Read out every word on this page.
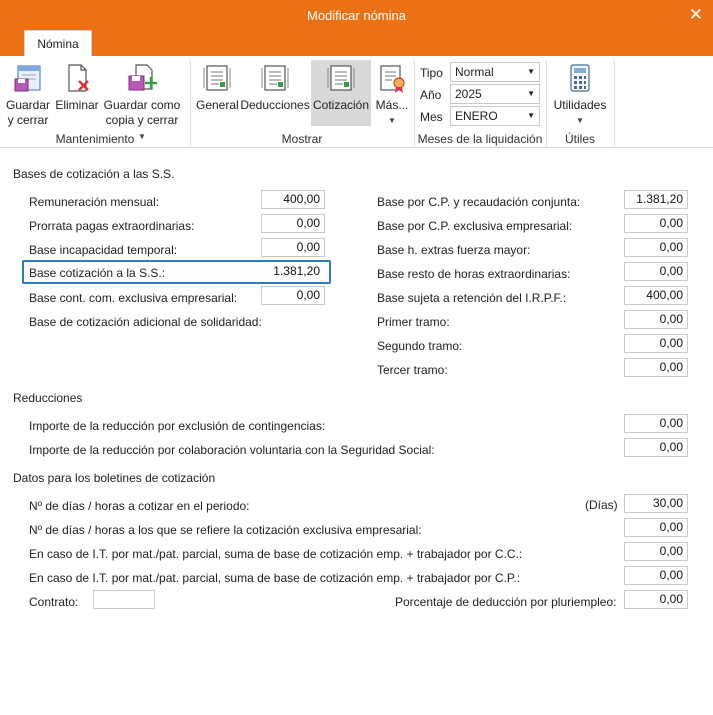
Modificar nómina	✕
Nómina
Guardar
y cerrar
Eliminar Guardar como
copia y cerrar ▼
Mantenimiento
General Deducciones Cotización Más...
▼
Mostrar
Tipo	Normal	▼
Año	2025	▼
Mes	ENERO	▼
Meses de la liquidación
Utilidades
▼
Útiles
Bases de cotización a las S.S.
Remuneración mensual:	400,00
Prorrata pagas extraordinarias:	0,00
Base incapacidad temporal:	0,00
Base cotización a la S.S.:	1.381,20
Base cont. com. exclusiva empresarial:	0,00
Base de cotización adicional de solidaridad:
Base por C.P. y recaudación conjunta:	1.381,20
Base por C.P. exclusiva empresarial:	0,00
Base h. extras fuerza mayor:	0,00
Base resto de horas extraordinarias:	0,00
Base sujeta a retención del I.R.P.F.:	400,00
Primer tramo:	0,00
Segundo tramo:	0,00
Tercer tramo:	0,00
Reducciones
Importe de la reducción por exclusión de contingencias:	0,00
Importe de la reducción por colaboración voluntaria con la Seguridad Social:	0,00
Datos para los boletines de cotización
Nº de días / horas a cotizar en el periodo:	(Días)	30,00
Nº de días / horas a los que se refiere la cotización exclusiva empresarial:	0,00
En caso de I.T. por mat./pat. parcial, suma de base de cotización emp. + trabajador por C.C.:	0,00
En caso de I.T. por mat./pat. parcial, suma de base de cotización emp. + trabajador por C.P.:	0,00
Contrato:	Porcentaje de deducción por pluriempleo:	0,00
